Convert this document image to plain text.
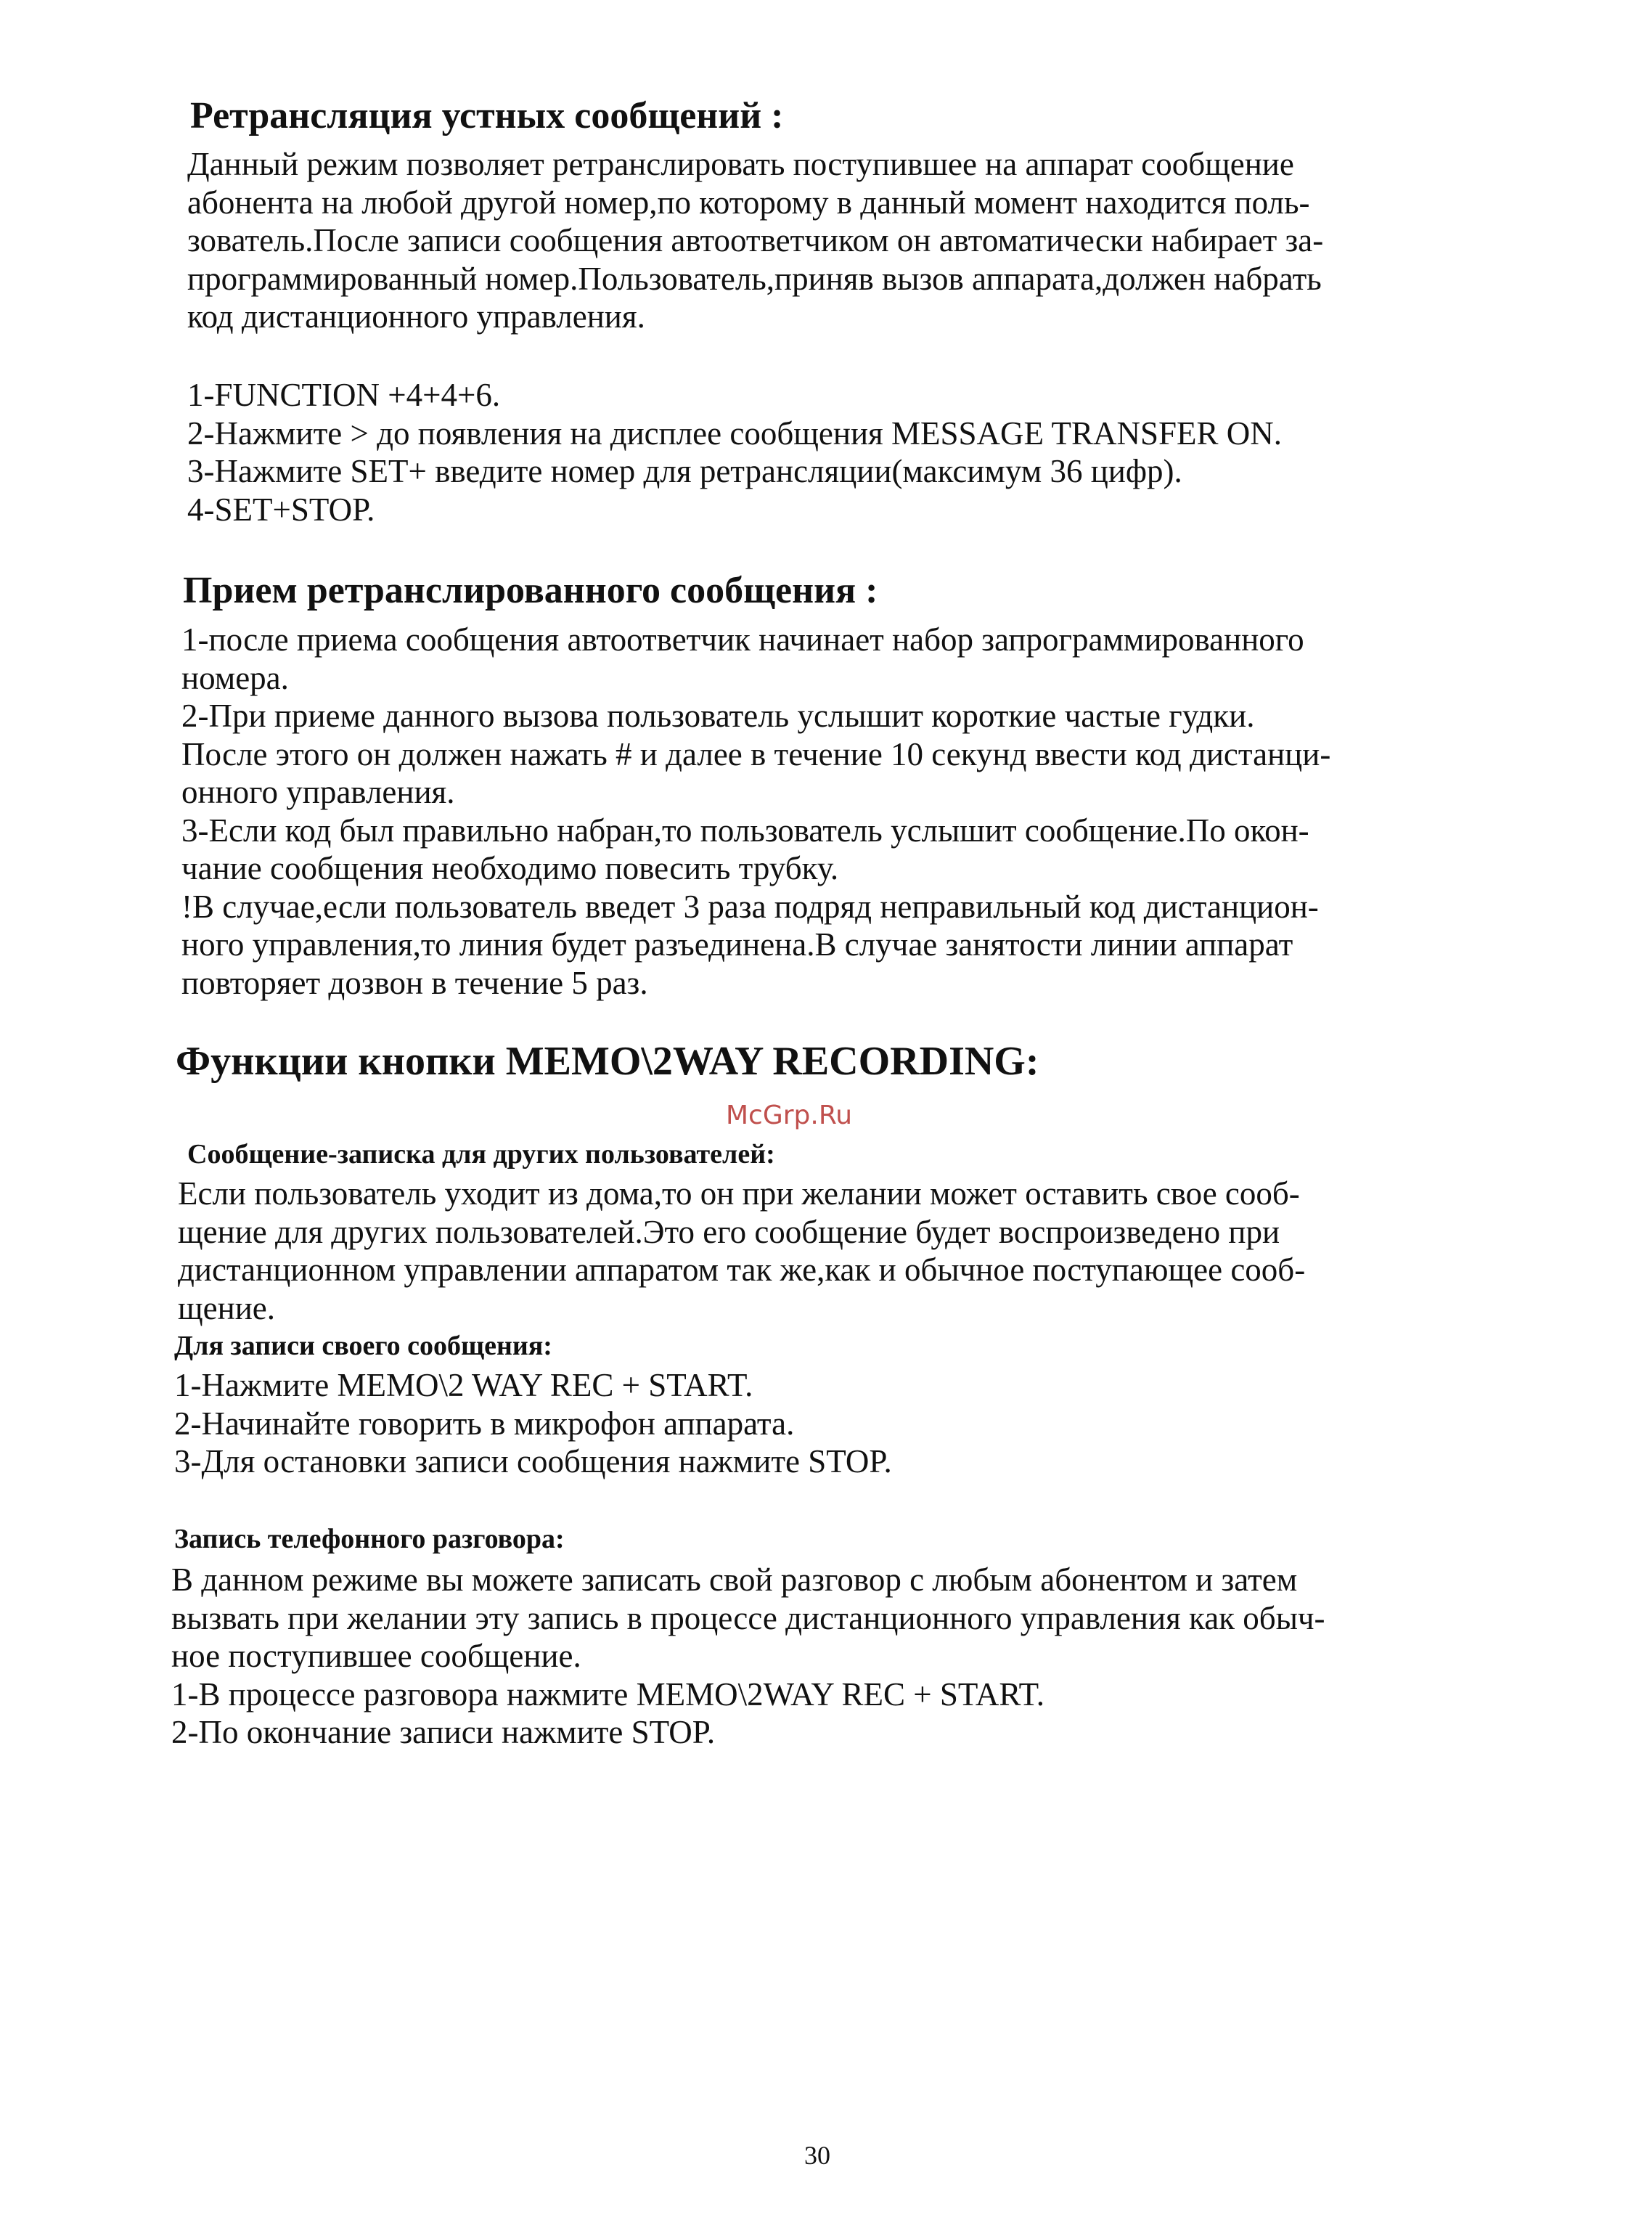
Ретрансляция устных сообщений :
Данный режим позволяет ретранслировать поступившее на аппарат сообщение
абонента на любой другой номер,по которому в данный момент находится поль-
зователь.После записи сообщения автоответчиком он автоматически набирает за-
программированный номер.Пользователь,приняв вызов аппарата,должен набрать
код дистанционного управления.
1-FUNCTION +4+4+6.
2-Нажмите > до появления на дисплее сообщения MESSAGE TRANSFER ON.
3-Нажмите SET+ введите номер для ретрансляции(максимум 36 цифр).
4-SET+STOP.
Прием ретранслированного сообщения :
1-после приема сообщения автоответчик начинает набор запрограммированного
номера.
2-При приеме данного вызова пользователь услышит короткие частые гудки.
После этого он должен нажать # и далее в течение 10 секунд ввести код дистанци-
онного управления.
3-Если код был правильно набран,то пользователь услышит сообщение.По окон-
чание сообщения необходимо повесить трубку.
!В случае,если пользователь введет 3 раза подряд неправильный код дистанцион-
ного управления,то линия будет разъединена.В случае занятости линии аппарат
повторяет дозвон в течение 5 раз.
Функции кнопки MEMO\2WAY RECORDING:
McGrp.Ru
Сообщение-записка для других пользователей:
Если пользователь уходит из дома,то он при желании может оставить свое сооб-
щение для других пользователей.Это его сообщение будет воспроизведено при
дистанционном управлении аппаратом так же,как и обычное поступающее сооб-
щение.
Для записи своего сообщения:
1-Нажмите MEMO\2 WAY REC + START.
2-Начинайте говорить в микрофон аппарата.
3-Для остановки записи сообщения нажмите STOP.
Запись телефонного разговора:
В данном режиме вы можете записать свой разговор с любым абонентом и затем
вызвать при желании эту запись в процессе дистанционного управления как обыч-
ное поступившее сообщение.
1-В процессе разговора нажмите MEMO\2WAY REC + START.
2-По окончание записи нажмите STOP.
30
